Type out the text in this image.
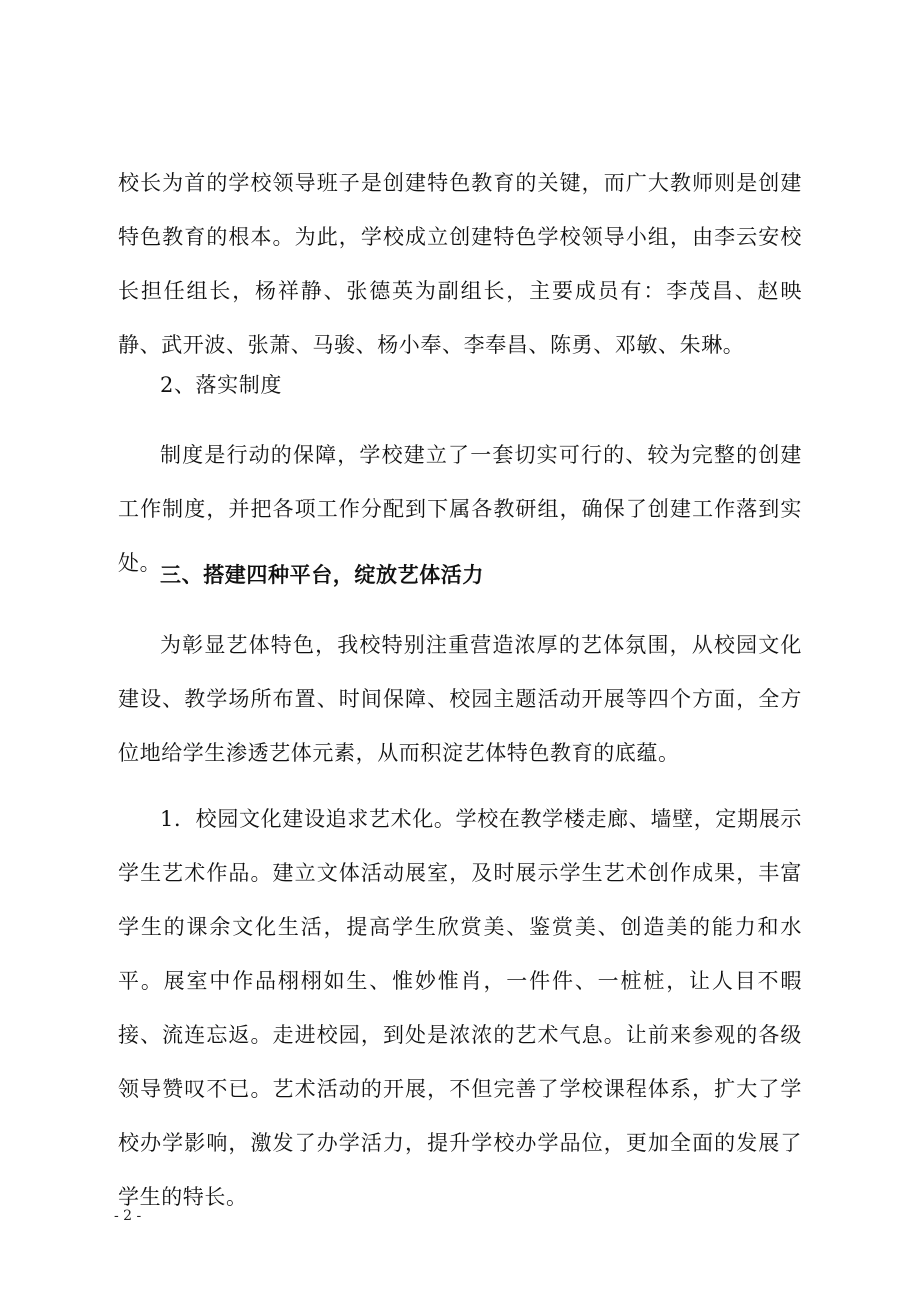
校长为首的学校领导班子是创建特色教育的关键，而广大教师则是创建特色教育的根本。为此，学校成立创建特色学校领导小组，由李云安校长担任组长，杨祥静、张德英为副组长，主要成员有：李茂昌、赵映静、武开波、张萧、马骏、杨小奉、李奉昌、陈勇、邓敏、朱琳。

2、落实制度

制度是行动的保障，学校建立了一套切实可行的、较为完整的创建工作制度，并把各项工作分配到下属各教研组，确保了创建工作落到实处。

三、搭建四种平台，绽放艺体活力

为彰显艺体特色，我校特别注重营造浓厚的艺体氛围，从校园文化建设、教学场所布置、时间保障、校园主题活动开展等四个方面，全方位地给学生渗透艺体元素，从而积淀艺体特色教育的底蕴。

1．校园文化建设追求艺术化。学校在教学楼走廊、墙壁，定期展示学生艺术作品。建立文体活动展室，及时展示学生艺术创作成果，丰富学生的课余文化生活，提高学生欣赏美、鉴赏美、创造美的能力和水平。展室中作品栩栩如生、惟妙惟肖，一件件、一桩桩，让人目不暇接、流连忘返。走进校园，到处是浓浓的艺术气息。让前来参观的各级领导赞叹不已。艺术活动的开展，不但完善了学校课程体系，扩大了学校办学影响，激发了办学活力，提升学校办学品位，更加全面的发展了学生的特长。

- 2 -
